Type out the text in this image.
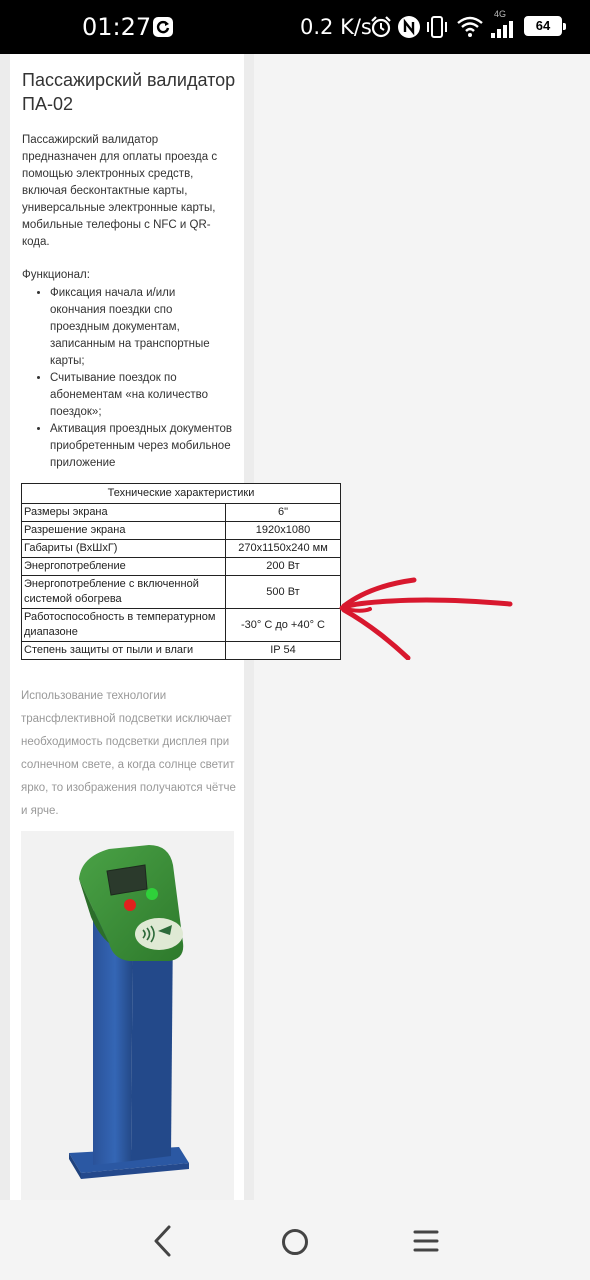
01:27	0.2 K/s
4G
64
Пассажирский валидатор ПА-02
Пассажирский валидатор предназначен для оплаты проезда с помощью электронных средств, включая бесконтактные карты, универсальные электронные карты, мобильные телефоны с NFC и QR-кода.
Функционал:
• Фиксация начала и/или окончания поездки спо проездным документам, записанным на транспортные карты;
• Считывание поездок по абонементам «на количество поездок»;
• Активация проездных документов приобретенным через мобильное приложение
Технические характеристики	
Размеры экрана	6"
Разрешение экрана	1920x1080
Габариты (ВхШхГ)	270x1150x240 мм
Энергопотребление	200 Вт
Энергопотребление с включенной системой обогрева	500 Вт
Работоспособность в температурном диапазоне	-30° С до +40° С
Степень защиты от пыли и влаги	IP 54
Использование технологии трансфлективной подсветки исключает необходимость подсветки дисплея при солнечном свете, а когда солнце светит ярко, то изображения получаются чётче и ярче.
